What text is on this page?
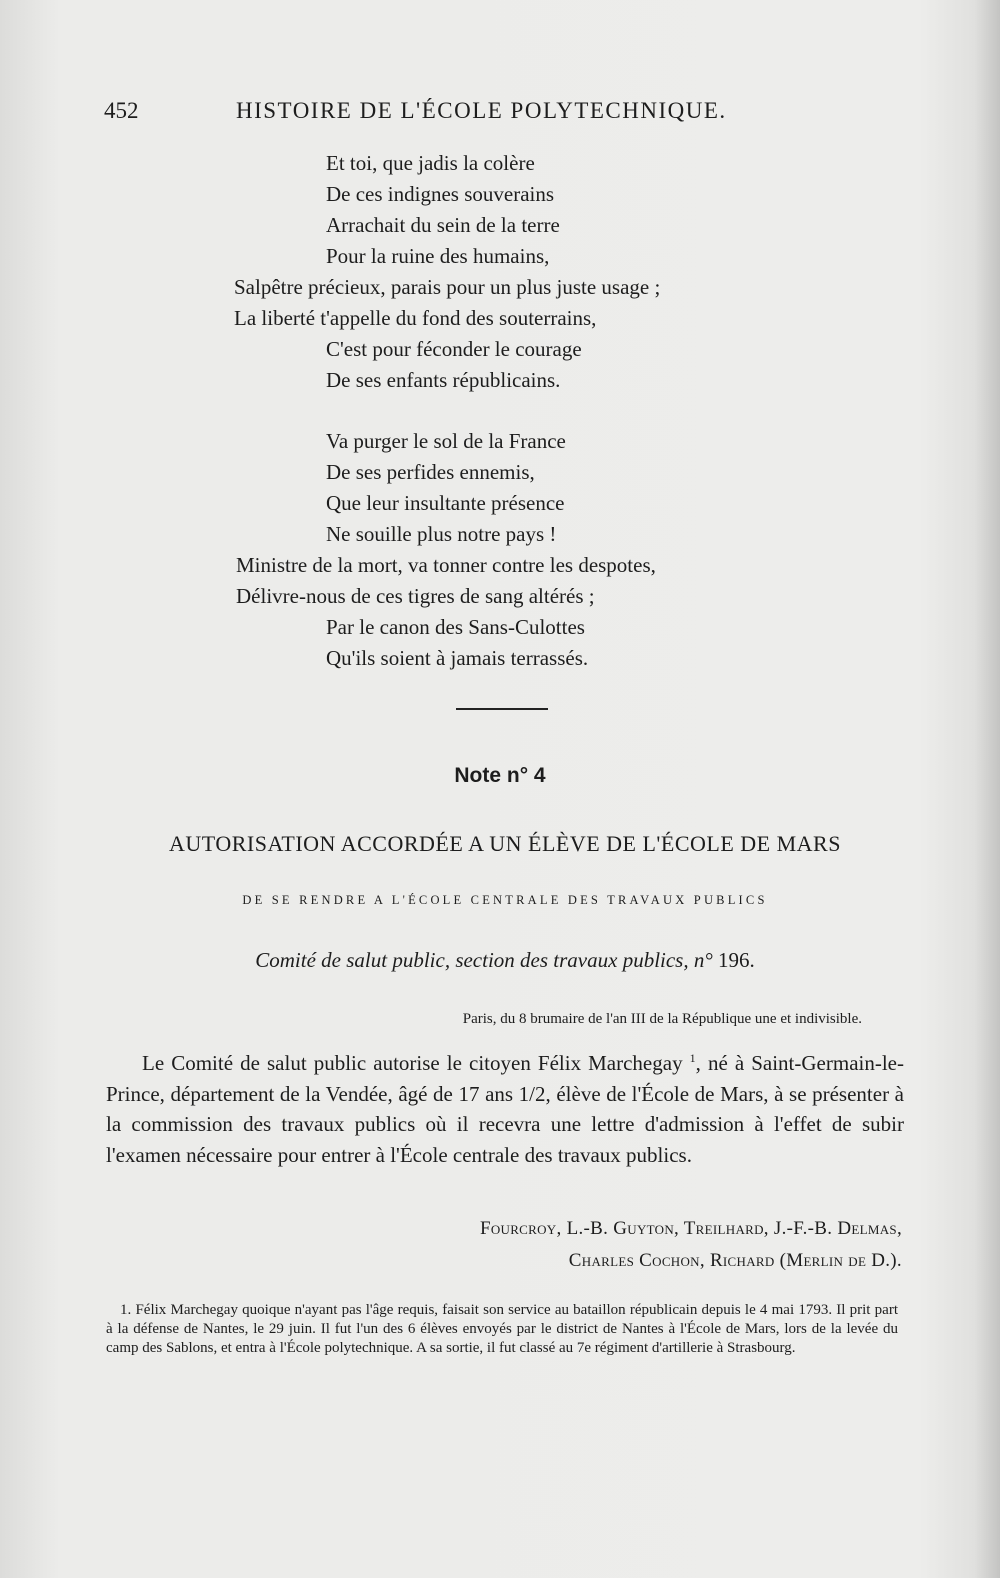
452	HISTOIRE DE L'ÉCOLE POLYTECHNIQUE.
Et toi, que jadis la colère
De ces indignes souverains
Arrachait du sein de la terre
Pour la ruine des humains,
Salpêtre précieux, parais pour un plus juste usage ;
La liberté t'appelle du fond des souterrains,
C'est pour féconder le courage
De ses enfants républicains.
Va purger le sol de la France
De ses perfides ennemis,
Que leur insultante présence
Ne souille plus notre pays !
Ministre de la mort, va tonner contre les despotes,
Délivre-nous de ces tigres de sang altérés ;
Par le canon des Sans-Culottes
Qu'ils soient à jamais terrassés.
Note n° 4
AUTORISATION ACCORDÉE A UN ÉLÈVE DE L'ÉCOLE DE MARS
DE SE RENDRE A L'ÉCOLE CENTRALE DES TRAVAUX PUBLICS
Comité de salut public, section des travaux publics, n° 196.
Paris, du 8 brumaire de l'an III de la République une et indivisible.

Le Comité de salut public autorise le citoyen Félix Marchegay $^1$, né à Saint-Germain-le-Prince, département de la Vendée, âgé de 17 ans 1/2, élève de l'École de Mars, à se présenter à la commission des travaux publics où il recevra une lettre d'admission à l'effet de subir l'examen nécessaire pour entrer à l'École centrale des travaux publics.

Fourcroy, L.-B. Guyton, Treilhard, J.-F.-B. Delmas,
Charles Cochon, Richard (Merlin de D.).

1. Félix Marchegay quoique n'ayant pas l'âge requis, faisait son service au bataillon républicain depuis le 4 mai 1793. Il prit part à la défense de Nantes, le 29 juin. Il fut l'un des 6 élèves envoyés par le district de Nantes à l'École de Mars, lors de la levée du camp des Sablons, et entra à l'École polytechnique. A sa sortie, il fut classé au 7e régiment d'artillerie à Strasbourg.
